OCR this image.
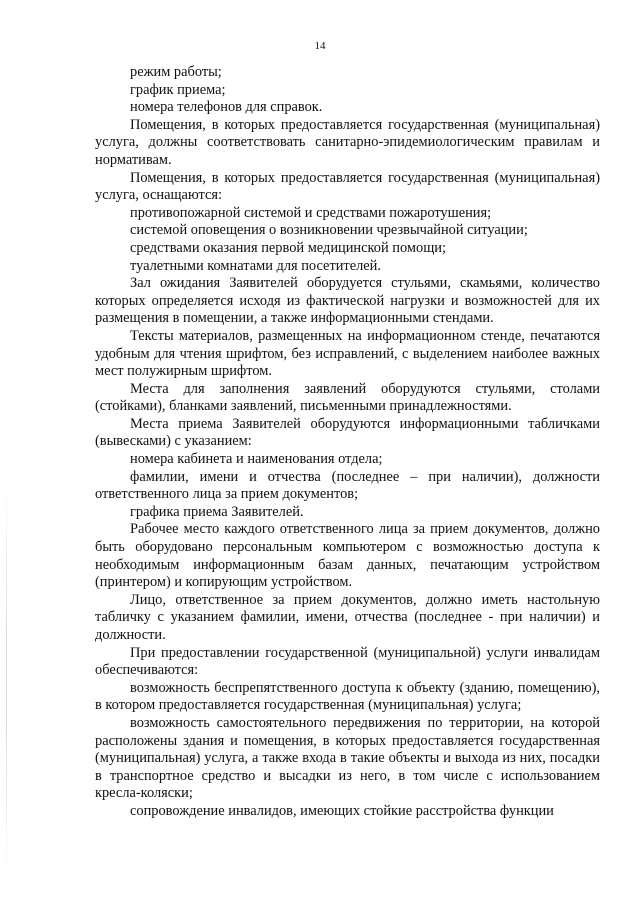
14

режим работы;

график приема;

номера телефонов для справок.

Помещения, в которых предоставляется государственная (муниципальная) услуга, должны соответствовать санитарно-эпидемиологическим правилам и нормативам.

Помещения, в которых предоставляется государственная (муниципальная) услуга, оснащаются:

противопожарной системой и средствами пожаротушения;

системой оповещения о возникновении чрезвычайной ситуации;

средствами оказания первой медицинской помощи;

туалетными комнатами для посетителей.

Зал ожидания Заявителей оборудуется стульями, скамьями, количество которых определяется исходя из фактической нагрузки и возможностей для их размещения в помещении, а также информационными стендами.

Тексты материалов, размещенных на информационном стенде, печатаются удобным для чтения шрифтом, без исправлений, с выделением наиболее важных мест полужирным шрифтом.

Места для заполнения заявлений оборудуются стульями, столами (стойками), бланками заявлений, письменными принадлежностями.

Места приема Заявителей оборудуются информационными табличками (вывесками) с указанием:

номера кабинета и наименования отдела;

фамилии, имени и отчества (последнее – при наличии), должности ответственного лица за прием документов;

графика приема Заявителей.

Рабочее место каждого ответственного лица за прием документов, должно быть оборудовано персональным компьютером с возможностью доступа к необходимым информационным базам данных, печатающим устройством (принтером) и копирующим устройством.

Лицо, ответственное за прием документов, должно иметь настольную табличку с указанием фамилии, имени, отчества (последнее - при наличии) и должности.

При предоставлении государственной (муниципальной) услуги инвалидам обеспечиваются:

возможность беспрепятственного доступа к объекту (зданию, помещению), в котором предоставляется государственная (муниципальная) услуга;

возможность самостоятельного передвижения по территории, на которой расположены здания и помещения, в которых предоставляется государственная (муниципальная) услуга, а также входа в такие объекты и выхода из них, посадки в транспортное средство и высадки из него, в том числе с использованием кресла-коляски;

сопровождение инвалидов, имеющих стойкие расстройства функции
